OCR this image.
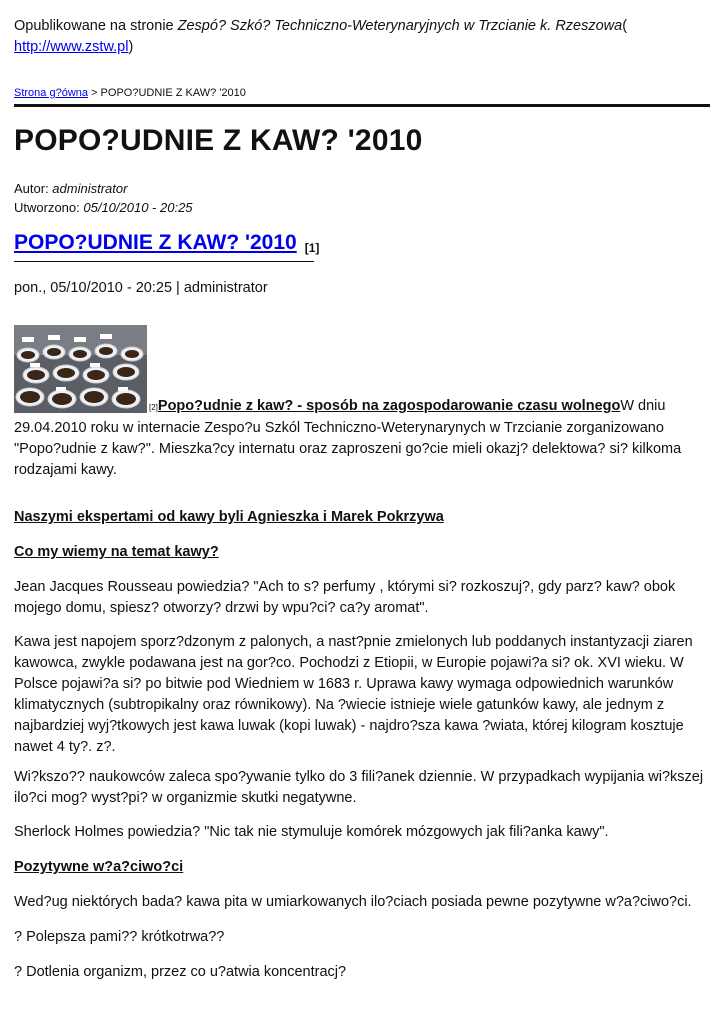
Opublikowane na stronie Zespó? Szkó? Techniczno-Weterynaryjnych w Trzcianie k. Rzeszowa(
http://www.zstw.pl)
Strona g?ówna > POPO?UDNIE Z KAW? '2010
POPO?UDNIE Z KAW? '2010
Autor: administrator
Utworzono: 05/10/2010 - 20:25
POPO?UDNIE Z KAW? '2010 [1]
pon., 05/10/2010 - 20:25 | administrator
[2]Popo?udnie z kaw? - sposób na zagospodarowanie czasu wolnegoW dniu 29.04.2010 roku w internacie Zespo?u Szkól Techniczno-Weterynarynych w Trzcianie zorganizowano "Popo?udnie z kaw?". Mieszka?cy internatu oraz zaproszeni go?cie mieli okazj? delektowa? si? kilkoma rodzajami kawy.
Naszymi ekspertami od kawy byli Agnieszka i Marek Pokrzywa
Co my wiemy na temat kawy?
Jean Jacques Rousseau powiedzia? "Ach to s? perfumy , którymi si? rozkoszuj?, gdy parz? kaw? obok mojego domu, spiesz? otworzy? drzwi by wpu?ci? ca?y aromat".
Kawa jest napojem sporz?dzonym z palonych, a nast?pnie zmielonych lub poddanych instantyzacji ziaren kawowca, zwykle podawana jest na gor?co. Pochodzi z Etiopii, w Europie pojawi?a si? ok. XVI wieku. W Polsce pojawi?a si? po bitwie pod Wiedniem w 1683 r. Uprawa kawy wymaga odpowiednich warunków klimatycznych (subtropikalny oraz równikowy). Na ?wiecie istnieje wiele gatunków kawy, ale jednym z najbardziej wyj?tkowych jest kawa luwak (kopi luwak) - najdro?sza kawa ?wiata, której kilogram kosztuje nawet 4 ty?. z?.
Wi?kszo?? naukowców zaleca spo?ywanie tylko do 3 fili?anek dziennie. W przypadkach wypijania wi?kszej ilo?ci mog? wyst?pi? w organizmie skutki negatywne.
Sherlock Holmes powiedzia? "Nic tak nie stymuluje komórek mózgowych jak fili?anka kawy".
Pozytywne w?a?ciwo?ci
Wed?ug niektórych bada? kawa pita w umiarkowanych ilo?ciach posiada pewne pozytywne w?a?ciwo?ci.
? Polepsza pami?? krótkotrwa??
? Dotlenia organizm, przez co u?atwia koncentracj?
